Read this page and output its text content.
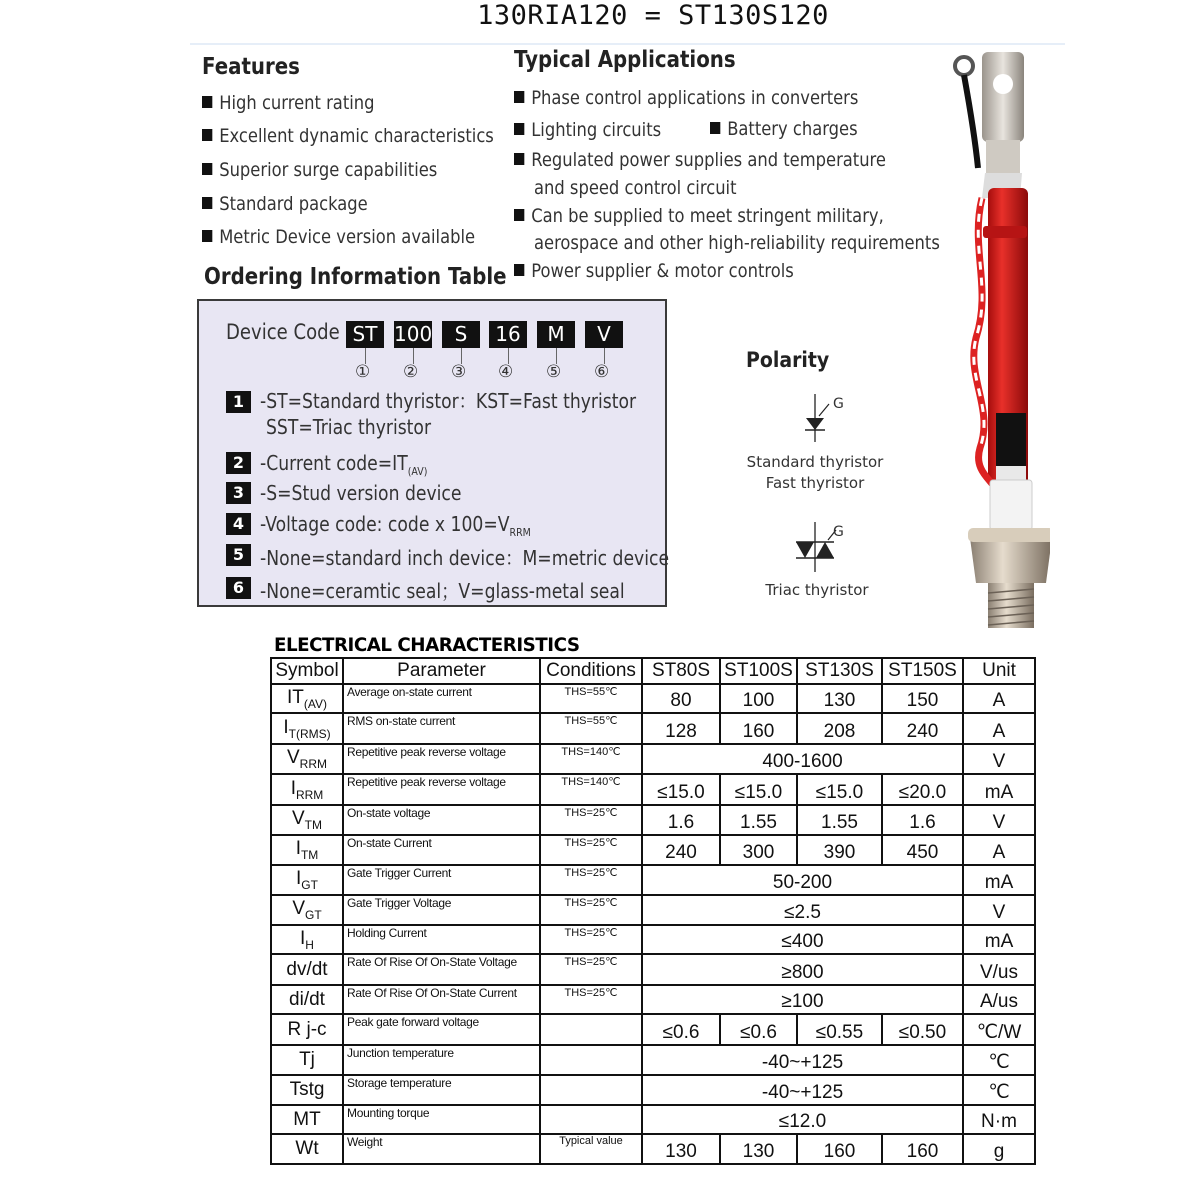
130RIA120 = ST130S120
Features
High current rating
Excellent dynamic characteristics
Superior surge capabilities
Standard package
Metric Device version available
Typical Applications
Phase control applications in converters
Lighting circuits	Battery charges
Regulated power supplies and temperature
and speed control circuit
Can be supplied to meet stringent military,
aerospace and other high-reliability requirements
Power supplier & motor controls
Ordering Information Table
Device Code ST 100	S	16	M	V
① ② ③ ④ ⑤ ⑥
1 -ST=Standard thyristor：KST=Fast thyristor
SST=Triac thyristor
2 -Current $code=IT_{(AV)}$
3 -S=Stud version device
4 -Voltage code: code x $100=V_{RRM}$
5 -None=standard inch device：M=metric device
6 -None=ceramtic seal；V=glass-metal seal
Polarity
G
Standard thyristor
Fast thyristor
G
Triac thyristor
ELECTRICAL CHARACTERISTICS
Symbol	Parameter	Conditions	ST80S	ST100S	ST130S	ST150S	Unit
$IT_{(AV)}$	Average on-state current	THS=55℃	80	100	130	150	A
$I_{T(RMS)}$	RMS on-state current	THS=55℃	128	160	208	240	A
$V_{RRM}$	Repetitive peak reverse voltage	THS=140℃	400-1600				V
$I_{RRM}$	Repetitive peak reverse voltage	THS=140℃	≤15.0	≤15.0	≤15.0	≤20.0	mA
$V_{TM}$	On-state voltage	THS=25℃	1.6	1.55	1.55	1.6	V
$I_{TM}$	On-state Current	THS=25℃	240	300	390	450	A
$I_{GT}$	Gate Trigger Current	THS=25℃	50-200				mA
$V_{GT}$	Gate Trigger Voltage	THS=25℃	≤2.5				V
$I_H$	Holding Current	THS=25℃	≤400				mA
dv/dt	Rate Of Rise Of On-State Voltage	THS=25℃	≥800				V/us
di/dt	Rate Of Rise Of On-State Current	THS=25℃	≥100				A/us
R j-c	Peak gate forward voltage		≤0.6	≤0.6	≤0.55	≤0.50	℃/W
Tj	Junction temperature		-40~+125				℃
Tstg	Storage temperature		-40~+125				℃
MT	Mounting torque		≤12.0				N·m
Wt	Weight	Typical value	130	130	160	160	g
